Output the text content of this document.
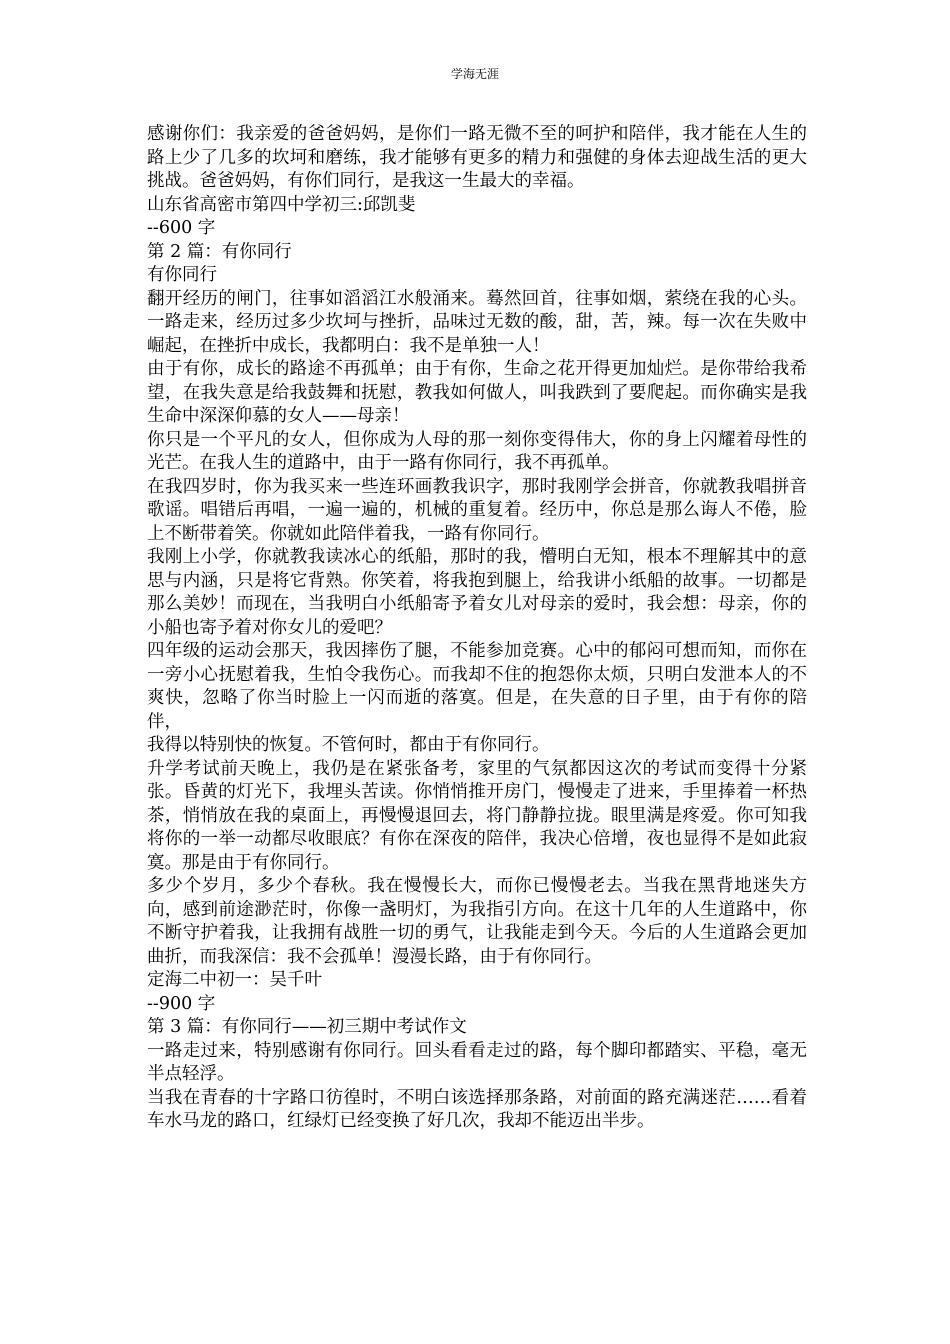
学海无涯

感谢你们：我亲爱的爸爸妈妈，是你们一路无微不至的呵护和陪伴，我才能在人生的路上少了几多的坎坷和磨练，我才能够有更多的精力和强健的身体去迎战生活的更大挑战。爸爸妈妈，有你们同行，是我这一生最大的幸福。

山东省高密市第四中学初三:邱凯斐

--600 字

第 2 篇：有你同行

有你同行

翻开经历的闸门，往事如滔滔江水般涌来。蓦然回首，往事如烟，萦绕在我的心头。一路走来，经历过多少坎坷与挫折，品味过无数的酸，甜，苦，辣。每一次在失败中崛起，在挫折中成长，我都明白：我不是单独一人！

由于有你，成长的路途不再孤单；由于有你，生命之花开得更加灿烂。是你带给我希望，在我失意是给我鼓舞和抚慰，教我如何做人，叫我跌到了要爬起。而你确实是我生命中深深仰慕的女人——母亲！

你只是一个平凡的女人，但你成为人母的那一刻你变得伟大，你的身上闪耀着母性的光芒。在我人生的道路中，由于一路有你同行，我不再孤单。

在我四岁时，你为我买来一些连环画教我识字，那时我刚学会拼音，你就教我唱拼音歌谣。唱错后再唱，一遍一遍的，机械的重复着。经历中，你总是那么诲人不倦，脸上不断带着笑。你就如此陪伴着我，一路有你同行。

我刚上小学，你就教我读冰心的纸船，那时的我，懵明白无知，根本不理解其中的意思与内涵，只是将它背熟。你笑着，将我抱到腿上，给我讲小纸船的故事。一切都是那么美妙！而现在，当我明白小纸船寄予着女儿对母亲的爱时，我会想：母亲，你的小船也寄予着对你女儿的爱吧？

四年级的运动会那天，我因摔伤了腿，不能参加竞赛。心中的郁闷可想而知，而你在一旁小心抚慰着我，生怕令我伤心。而我却不住的抱怨你太烦，只明白发泄本人的不爽快，忽略了你当时脸上一闪而逝的落寞。但是，在失意的日子里，由于有你的陪伴，

我得以特别快的恢复。不管何时，都由于有你同行。

升学考试前天晚上，我仍是在紧张备考，家里的气氛都因这次的考试而变得十分紧张。昏黄的灯光下，我埋头苦读。你悄悄推开房门，慢慢走了进来，手里捧着一杯热茶，悄悄放在我的桌面上，再慢慢退回去，将门静静拉拢。眼里满是疼爱。你可知我将你的一举一动都尽收眼底？有你在深夜的陪伴，我决心倍增，夜也显得不是如此寂寞。那是由于有你同行。

多少个岁月，多少个春秋。我在慢慢长大，而你已慢慢老去。当我在黑背地迷失方向，感到前途渺茫时，你像一盏明灯，为我指引方向。在这十几年的人生道路中，你不断守护着我，让我拥有战胜一切的勇气，让我能走到今天。今后的人生道路会更加曲折，而我深信：我不会孤单！漫漫长路，由于有你同行。

定海二中初一：吴千叶

--900 字

第 3 篇：有你同行——初三期中考试作文

一路走过来，特别感谢有你同行。回头看看走过的路，每个脚印都踏实、平稳，毫无半点轻浮。

当我在青春的十字路口彷徨时，不明白该选择那条路，对前面的路充满迷茫……看着车水马龙的路口，红绿灯已经变换了好几次，我却不能迈出半步。
